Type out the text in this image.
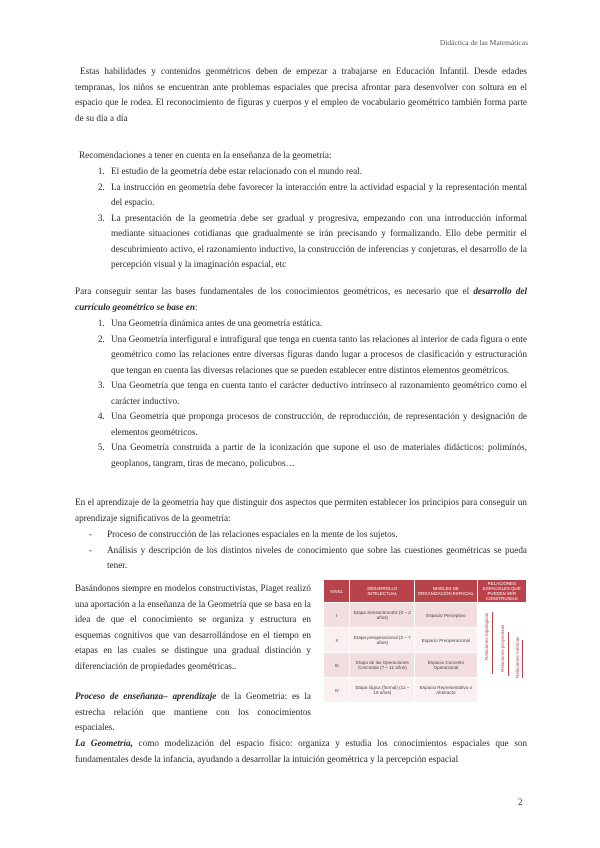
Didáctica de las Matemáticas

Estas habilidades y contenidos geométricos deben de empezar a trabajarse en Educación Infantil. Desde edades tempranas, los niños se encuentran ante problemas espaciales que precisa afrontar para desenvolver con soltura en el espacio que le rodea. El reconocimiento de figuras y cuerpos y el empleo de vocabulario geométrico también forma parte de su día a día

Recomendaciones a tener en cuenta en la enseñanza de la geometría:

1. El estudio de la geometría debe estar relacionado con el mundo real.
2. La instrucción en geometría debe favorecer la interacción entre la actividad espacial y la representación mental del espacio.
3. La presentación de la geometría debe ser gradual y progresiva, empezando con una introducción informal mediante situaciones cotidianas que gradualmente se irán precisando y formalizando. Ello debe permitir el descubrimiento activo, el razonamiento inductivo, la construcción de inferencias y conjeturas, el desarrollo de la percepción visual y la imaginación espacial, etc

Para conseguir sentar las bases fundamentales de los conocimientos geométricos, es necesario que el desarrollo del currículo geométrico se base en:

1. Una Geometría dinámica antes de una geometría estática.
2. Una Geometría interfigural e intrafigural que tenga en cuenta tanto las relaciones al interior de cada figura o ente geométrico como las relaciones entre diversas figuras dando lugar a procesos de clasificación y estructuración que tengan en cuenta las diversas relaciones que se pueden establecer entre distintos elementos geométricos.
3. Una Geometría que tenga en cuenta tanto el carácter deductivo intrínseco al razonamiento geométrico como el carácter inductivo.
4. Una Geometría que proponga procesos de construcción, de reproducción, de representación y designación de elementos geométricos.
5. Una Geometría construida a partir de la iconización que supone el uso de materiales didácticos: polimínós, geoplanos, tangram, tiras de mecano, policubos…

En el aprendizaje de la geometría hay que distinguir dos aspectos que permiten establecer los principios para conseguir un aprendizaje significativos de la geometría:

- Proceso de construcción de las relaciones espaciales en la mente de los sujetos.
- Análisis y descripción de los distintos niveles de conocimiento que sobre las cuestiones geométricas se pueda tener.

Basándonos siempre en modelos constructivistas, Piaget realizó una aportación a la enseñanza de la Geometría que se basa en la idea de que el conocimiento se organiza y estructura en esquemas cognitivos que van desarrollándose en el tiempo en etapas en las cuales se distingue una gradual distinción y diferenciación de propiedades geométricas..

Proceso de enseñanza– aprendizaje de la Geometría: es la estrecha relación que mantiene con los conocimientos espaciales.

La Geometría, como modelización del espacio físico: organiza y estudia los conocimientos espaciales que son fundamentales desde la infancia, ayudando a desarrollar la intuición geométrica y la percepción espacial

NIVEL	DESARROLLO INTELECTUAL	NIVELES DE ORGANIZACIÓN ESPACIAL	RELACIONES ESPACIALES QUE PUEDEN SER CONSTRUIDAS
I	Etapa Sensoriomotriz (0 – 2 años)	Espacio Perceptivo	
II	Etapa preoperacional (2 – 7 años)	Espacio Preoperacional	
III	Etapa de las Operaciones Concretas (7 – 11 años)	Espacio Concreto Operacional	
IV	Etapa lógica (formal) (11 – 16 años)	Espacio Representativo o Abstracto	
Relaciones topológicas Relaciones proyectivas Relaciones métricas
2
